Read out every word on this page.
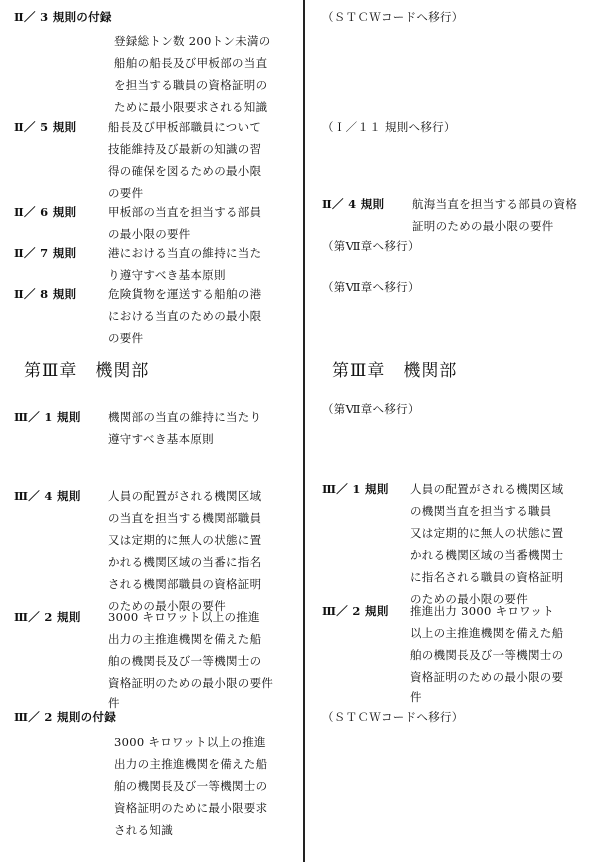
Ⅱ／ 3 規則の付録
登録総トン数 200トン未満の
船舶の船長及び甲板部の当直
を担当する職員の資格証明の
ために最小限要求される知識
Ⅱ／ 5 規則	船長及び甲板部職員について
技能維持及び最新の知識の習
得の確保を図るための最小限
の要件
Ⅱ／ 6 規則	甲板部の当直を担当する部員
の最小限の要件
Ⅱ／ 7 規則	港における当直の維持に当た
り遵守すべき基本原則
Ⅱ／ 8 規則	危険貨物を運送する船舶の港
における当直のための最小限
の要件
第Ⅲ章　機関部
Ⅲ／ 1 規則 機関部の当直の維持に当たり
遵守すべき基本原則
Ⅲ／ 4 規則 人員の配置がされる機関区域
の当直を担当する機関部職員
又は定期的に無人の状態に置
かれる機関区域の当番に指名
される機関部職員の資格証明
のための最小限の要件
Ⅲ／ 2 規則 3000 キロワット以上の推進
出力の主推進機関を備えた船
舶の機関長及び一等機関士の
資格証明のための最小限の要件
件
Ⅲ／ 2 規則の付録
3000 キロワット以上の推進
出力の主推進機関を備えた船
舶の機関長及び一等機関士の
資格証明のために最小限要求
される知識
（ＳＴＣＷコードへ移行）
（Ｉ／１１ 規則へ移行）
Ⅱ／ 4 規則 航海当直を担当する部員の資格
証明のための最小限の要件
（第Ⅶ章へ移行）
（第Ⅶ章へ移行）
第Ⅲ章　機関部
（第Ⅶ章へ移行）
Ⅲ／ 1 規則 人員の配置がされる機関区域
の機関当直を担当する職員
又は定期的に無人の状態に置
かれる機関区域の当番機関士
に指名される職員の資格証明
のための最小限の要件
Ⅲ／ 2 規則 推進出力 3000 キロワット
以上の主推進機関を備えた船
舶の機関長及び一等機関士の
資格証明のための最小限の要
件
（ＳＴＣＷコードへ移行）
